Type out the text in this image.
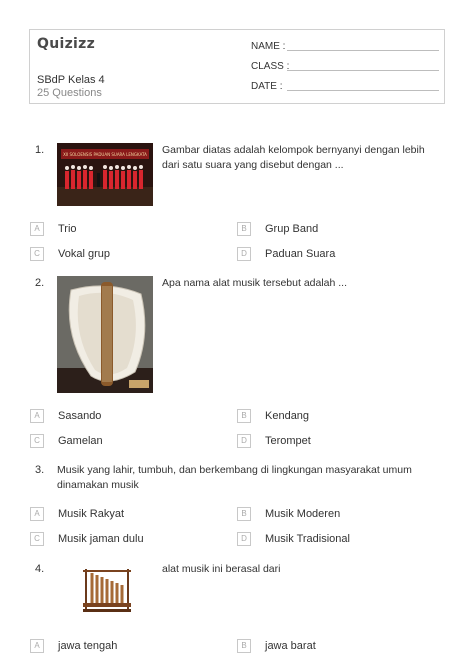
Quizizz
SBdP Kelas 4
25 Questions
NAME :
CLASS :
DATE :
1.	XII SOLOENSIS PADUAN SUARA LENGKATA Gambar diatas adalah kelompok bernyanyi dengan lebih dari satu suara yang disebut dengan ...
A	Trio	B	Grup Band
C	Vokal grup	D	Paduan Suara
2.	Apa nama alat musik tersebut adalah ...
A	Sasando	B	Kendang
C	Gamelan	D	Terompet
3. Musik yang lahir, tumbuh, dan berkembang di lingkungan masyarakat umum dinamakan musik
A	Musik Rakyat	B	Musik Moderen
C	Musik jaman dulu	D	Musik Tradisional
4.	alat musik ini berasal dari
A	jawa tengah	B	jawa barat
